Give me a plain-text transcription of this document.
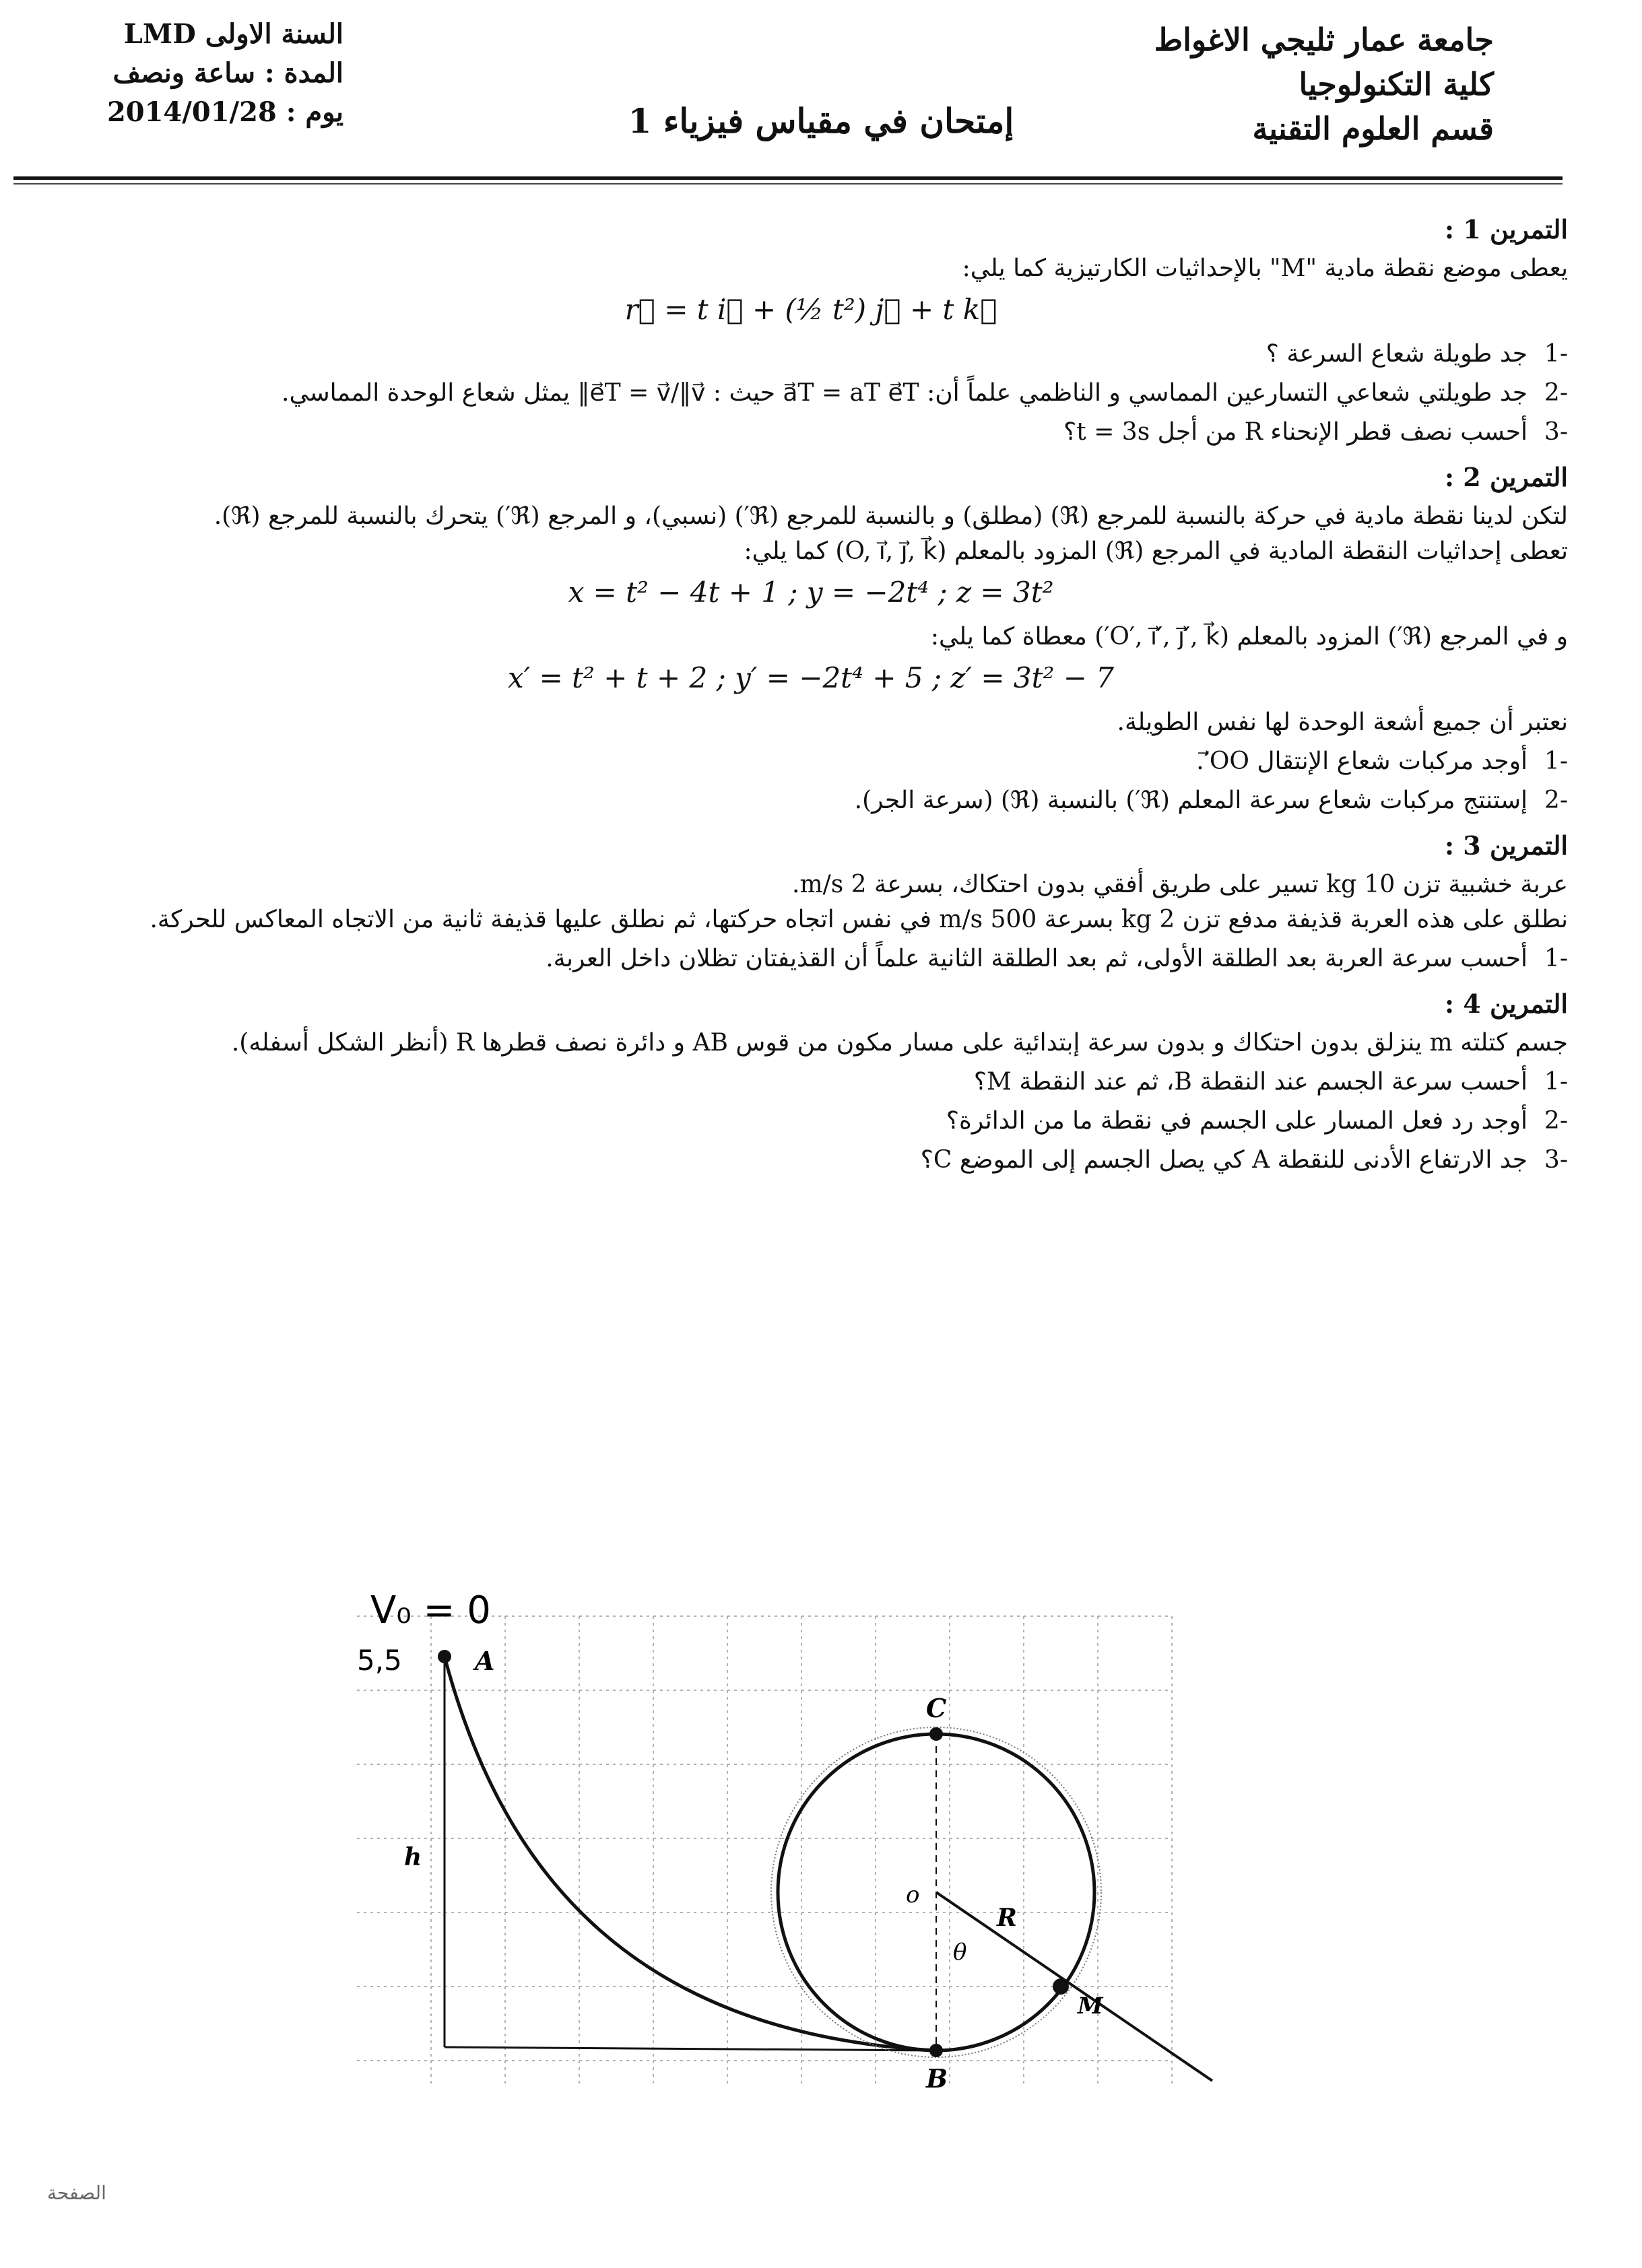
السنة الاولى LMD
المدة : ساعة ونصف
يوم : 2014/01/28
جامعة عمار ثليجي الاغواط
كلية التكنولوجيا
قسم العلوم التقنية
إمتحان في مقياس فيزياء 1
التمرين 1 :

يعطى موضع نقطة مادية "M" بالإحداثيات الكارتيزية كما يلي:

r⃗ = t i⃗ + (½ t²) j⃗ + t k⃗
-1
جد طويلة شعاع السرعة ؟
-2
جد طويلتي شعاعي التسارعين المماسي و الناظمي علماً أن: a⃗T = aT e⃗T حيث : e⃗T = v⃗/‖v⃗‖ يمثل شعاع الوحدة المماسي.
-3
أحسب نصف قطر الإنحناء R من أجل t = 3s؟
التمرين 2 :

لتكن لدينا نقطة مادية في حركة بالنسبة للمرجع (ℜ) (مطلق) و بالنسبة للمرجع (ℜ′) (نسبي)، و المرجع (ℜ′) يتحرك بالنسبة للمرجع (ℜ).

تعطى إحداثيات النقطة المادية في المرجع (ℜ) المزود بالمعلم (O, i⃗, j⃗, k⃗) كما يلي:

x = t² − 4t + 1 ; y = −2t⁴ ; z = 3t²

و في المرجع (ℜ′) المزود بالمعلم (O′, i⃗′, j⃗′, k⃗′) معطاة كما يلي:

x′ = t² + t + 2 ; y′ = −2t⁴ + 5 ; z′ = 3t² − 7

نعتبر أن جميع أشعة الوحدة لها نفس الطويلة.

-1
أوجد مركبات شعاع الإنتقال OO′⃗.
-2
إستنتج مركبات شعاع سرعة المعلم (ℜ′) بالنسبة (ℜ) (سرعة الجر).
التمرين 3 :

عربة خشبية تزن 10 kg تسير على طريق أفقي بدون احتكاك، بسرعة 2 m/s.

نطلق على هذه العربة قذيفة مدفع تزن 2 kg بسرعة 500 m/s في نفس اتجاه حركتها، ثم نطلق عليها قذيفة ثانية من الاتجاه المعاكس للحركة.

-1
أحسب سرعة العربة بعد الطلقة الأولى، ثم بعد الطلقة الثانية علماً أن القذيفتان تظلان داخل العربة.
التمرين 4 :

جسم كتلته m ينزلق بدون احتكاك و بدون سرعة إبتدائية على مسار مكون من قوس AB و دائرة نصف قطرها R (أنظر الشكل أسفله).

-1
أحسب سرعة الجسم عند النقطة B، ثم عند النقطة M؟
-2
أوجد رد فعل المسار على الجسم في نقطة ما من الدائرة؟
-3
جد الارتفاع الأدنى للنقطة A كي يصل الجسم إلى الموضع C؟
V₀ = 0
5,5	A
B
C
o
R
M
h
θ
الصفحة
